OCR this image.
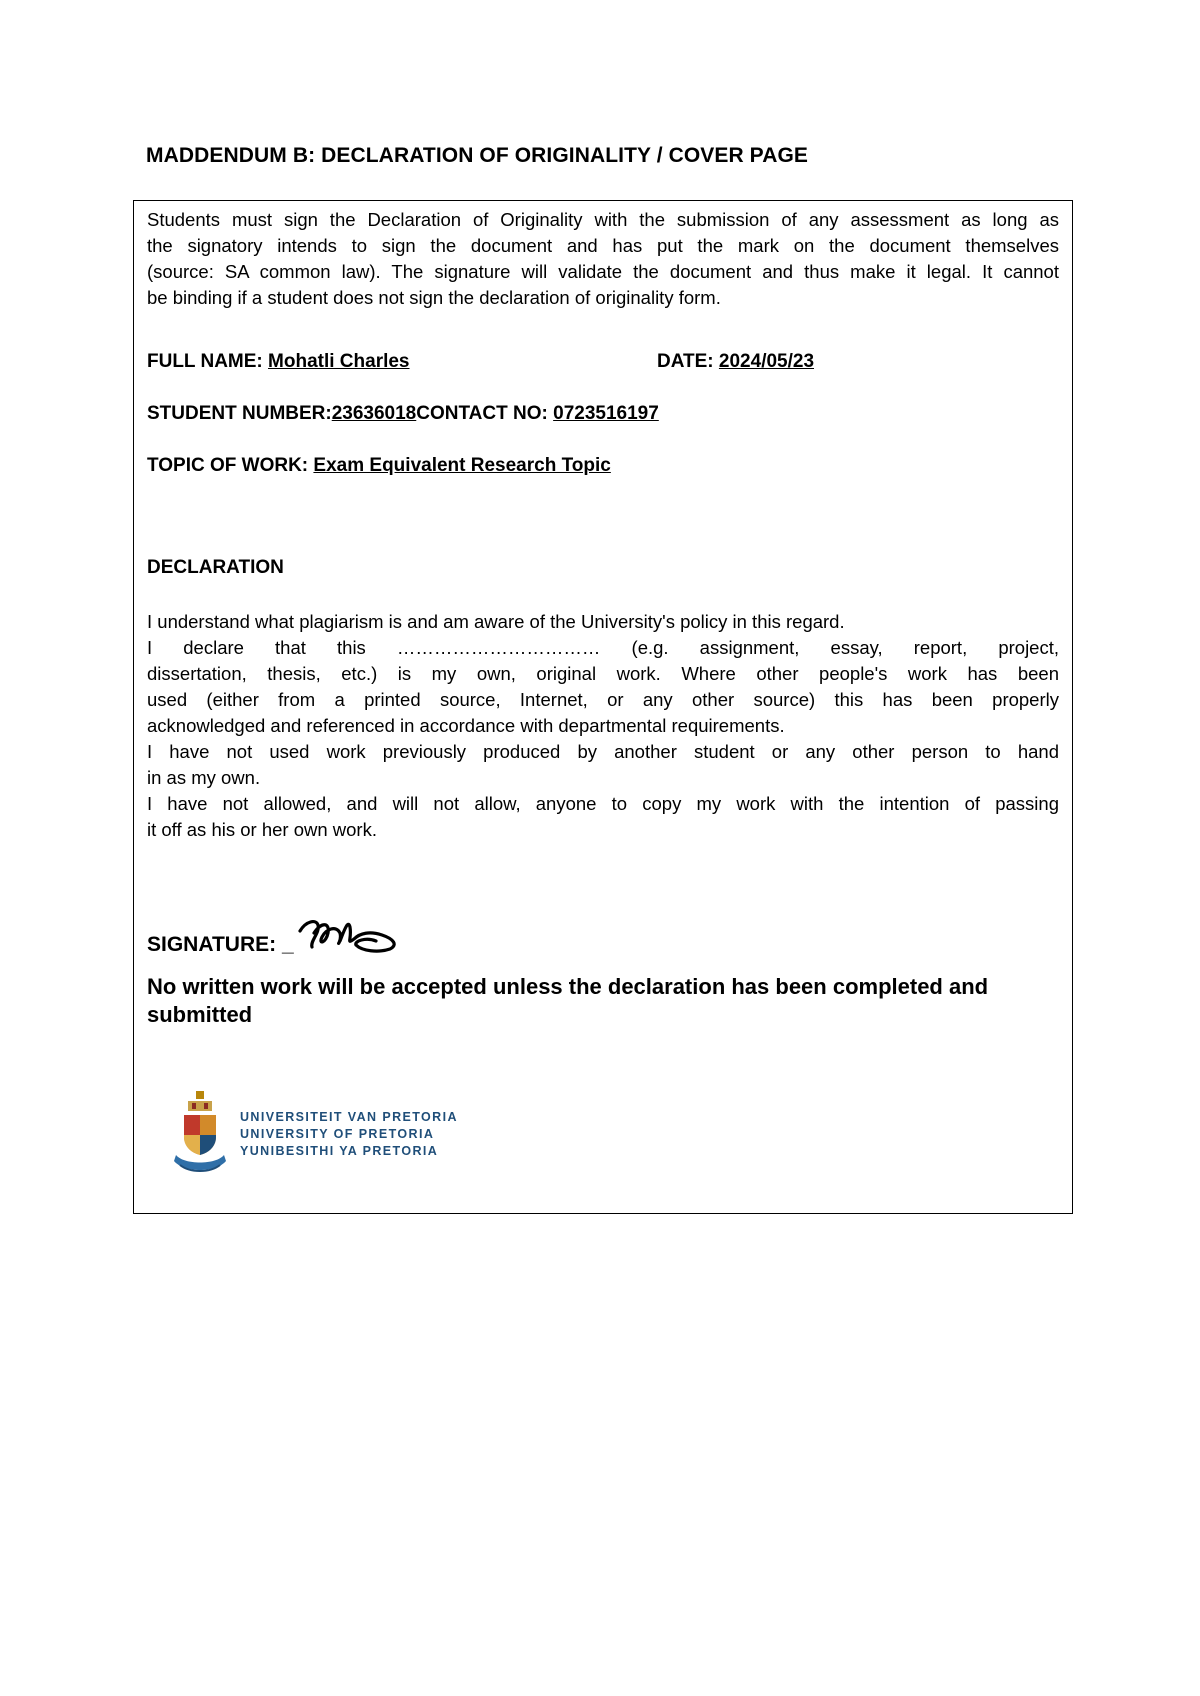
MADDENDUM B: DECLARATION OF ORIGINALITY / COVER PAGE
Students must sign the Declaration of Originality with the submission of any assessment as long as
the signatory intends to sign the document and has put the mark on the document themselves
(source: SA common law). The signature will validate the document and thus make it legal. It cannot
be binding if a student does not sign the declaration of originality form.
FULL NAME: Mohatli Charles	DATE: 2024/05/23
STUDENT NUMBER:23636018CONTACT NO: 0723516197
TOPIC OF WORK: Exam Equivalent Research Topic
DECLARATION
I understand what plagiarism is and am aware of the University's policy in this regard.
I declare that this …………………………… (e.g. assignment, essay, report, project,
dissertation, thesis, etc.) is my own, original work. Where other people's work has been
used (either from a printed source, Internet, or any other source) this has been properly
acknowledged and referenced in accordance with departmental requirements.
I have not used work previously produced by another student or any other person to hand
in as my own.
I have not allowed, and will not allow, anyone to copy my work with the intention of passing
it off as his or her own work.
SIGNATURE: _
No written work will be accepted unless the declaration has been completed and submitted
UNIVERSITEIT VAN PRETORIA
UNIVERSITY OF PRETORIA
YUNIBESITHI YA PRETORIA
